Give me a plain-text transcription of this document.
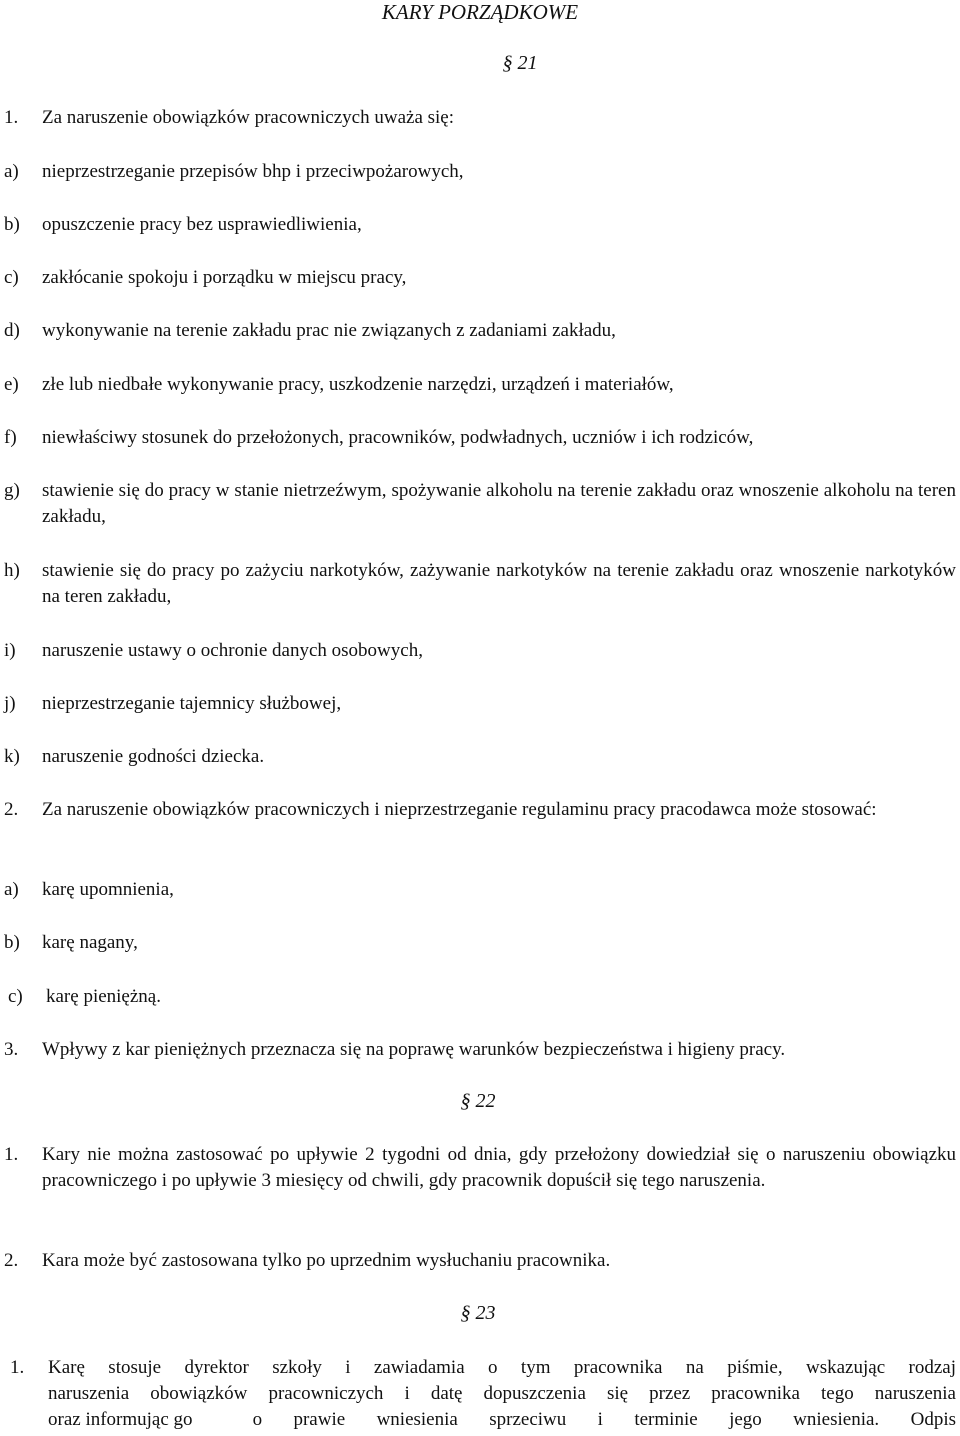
KARY PORZĄDKOWE
§ 21
1. Za naruszenie obowiązków pracowniczych uważa się:
a) nieprzestrzeganie przepisów bhp i przeciwpożarowych,
b) opuszczenie pracy bez usprawiedliwienia,
c) zakłócanie spokoju i porządku w miejscu pracy,
d) wykonywanie na terenie zakładu prac nie związanych z zadaniami zakładu,
e) złe lub niedbałe wykonywanie pracy, uszkodzenie narzędzi, urządzeń i materiałów,
f) niewłaściwy stosunek do przełożonych, pracowników, podwładnych, uczniów i ich rodziców,
g) stawienie się do pracy w stanie nietrzeźwym, spożywanie alkoholu na terenie zakładu oraz wnoszenie alkoholu na teren zakładu,
h) stawienie się do pracy po zażyciu narkotyków, zażywanie narkotyków na terenie zakładu oraz wnoszenie narkotyków na teren zakładu,
i) naruszenie ustawy o ochronie danych osobowych,
j) nieprzestrzeganie tajemnicy służbowej,
k) naruszenie godności dziecka.
2. Za naruszenie obowiązków pracowniczych i nieprzestrzeganie regulaminu pracy pracodawca może stosować:
a) karę upomnienia,
b) karę nagany,
c) karę pieniężną.
3. Wpływy z kar pieniężnych przeznacza się na poprawę warunków bezpieczeństwa i higieny pracy.
§ 22
1. Kary nie można zastosować po upływie 2 tygodni od dnia, gdy przełożony dowiedział się o naruszeniu obowiązku pracowniczego i po upływie 3 miesięcy od chwili, gdy pracownik dopuścił się tego naruszenia.
2. Kara może być zastosowana tylko po uprzednim wysłuchaniu pracownika.
§ 23
1. Karę stosuje dyrektor szkoły i zawiadamia o tym pracownika na piśmie, wskazując rodzaj
naruszenia obowiązków pracowniczych i datę dopuszczenia się przez pracownika tego naruszenia
oraz informując go	o prawie wniesienia sprzeciwu i terminie jego wniesienia. Odpis
